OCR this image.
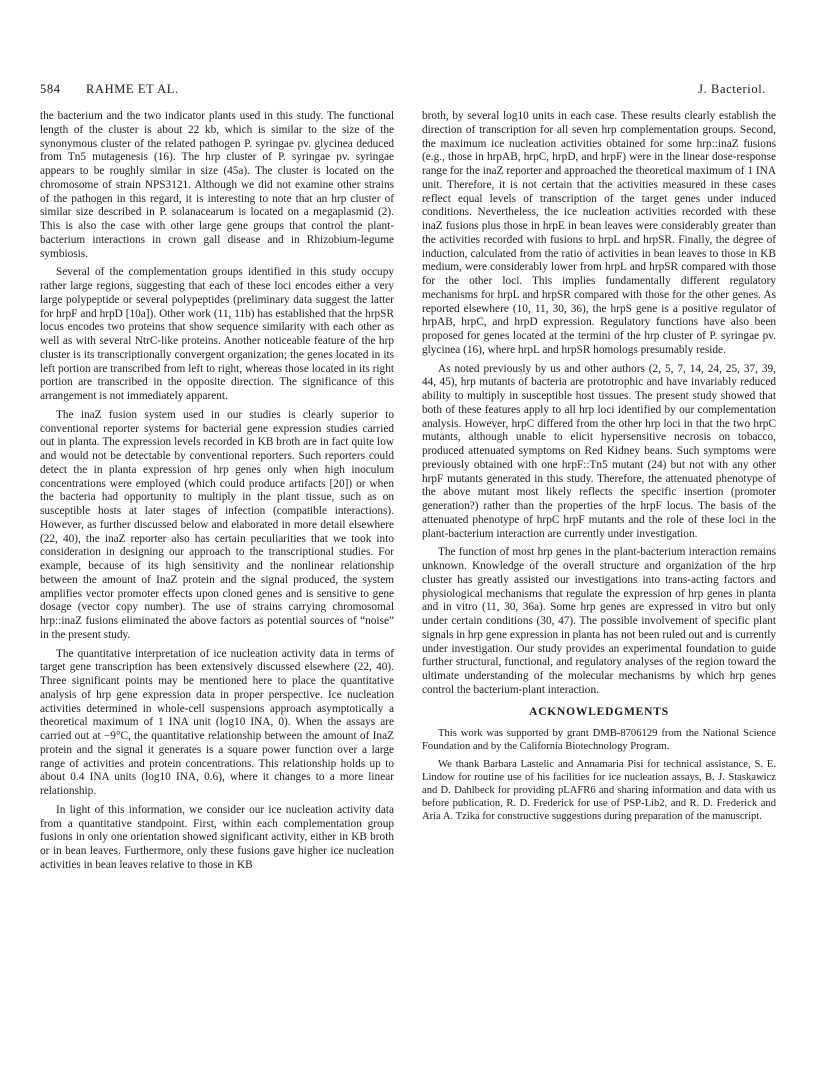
584 RAHME ET AL.	J. Bacteriol.

the bacterium and the two indicator plants used in this study. The functional length of the cluster is about 22 kb, which is similar to the size of the synonymous cluster of the related pathogen P. syringae pv. glycinea deduced from Tn5 mutagenesis (16). The hrp cluster of P. syringae pv. syringae appears to be roughly similar in size (45a). The cluster is located on the chromosome of strain NPS3121. Although we did not examine other strains of the pathogen in this regard, it is interesting to note that an hrp cluster of similar size described in P. solanacearum is located on a megaplasmid (2). This is also the case with other large gene groups that control the plant-bacterium interactions in crown gall disease and in Rhizobium-legume symbiosis.

Several of the complementation groups identified in this study occupy rather large regions, suggesting that each of these loci encodes either a very large polypeptide or several polypeptides (preliminary data suggest the latter for hrpF and hrpD [10a]). Other work (11, 11b) has established that the hrpSR locus encodes two proteins that show sequence similarity with each other as well as with several NtrC-like proteins. Another noticeable feature of the hrp cluster is its transcriptionally convergent organization; the genes located in its left portion are transcribed from left to right, whereas those located in its right portion are transcribed in the opposite direction. The significance of this arrangement is not immediately apparent.

The inaZ fusion system used in our studies is clearly superior to conventional reporter systems for bacterial gene expression studies carried out in planta. The expression levels recorded in KB broth are in fact quite low and would not be detectable by conventional reporters. Such reporters could detect the in planta expression of hrp genes only when high inoculum concentrations were employed (which could produce artifacts [20]) or when the bacteria had opportunity to multiply in the plant tissue, such as on susceptible hosts at later stages of infection (compatible interactions). However, as further discussed below and elaborated in more detail elsewhere (22, 40), the inaZ reporter also has certain peculiarities that we took into consideration in designing our approach to the transcriptional studies. For example, because of its high sensitivity and the nonlinear relationship between the amount of InaZ protein and the signal produced, the system amplifies vector promoter effects upon cloned genes and is sensitive to gene dosage (vector copy number). The use of strains carrying chromosomal hrp::inaZ fusions eliminated the above factors as potential sources of “noise” in the present study.

The quantitative interpretation of ice nucleation activity data in terms of target gene transcription has been extensively discussed elsewhere (22, 40). Three significant points may be mentioned here to place the quantitative analysis of hrp gene expression data in proper perspective. Ice nucleation activities determined in whole-cell suspensions approach asymptotically a theoretical maximum of 1 INA unit (log10 INA, 0). When the assays are carried out at −9°C, the quantitative relationship between the amount of InaZ protein and the signal it generates is a square power function over a large range of activities and protein concentrations. This relationship holds up to about 0.4 INA units (log10 INA, 0.6), where it changes to a more linear relationship.

In light of this information, we consider our ice nucleation activity data from a quantitative standpoint. First, within each complementation group fusions in only one orientation showed significant activity, either in KB broth or in bean leaves. Furthermore, only these fusions gave higher ice nucleation activities in bean leaves relative to those in KB

broth, by several log10 units in each case. These results clearly establish the direction of transcription for all seven hrp complementation groups. Second, the maximum ice nucleation activities obtained for some hrp::inaZ fusions (e.g., those in hrpAB, hrpC, hrpD, and hrpF) were in the linear dose-response range for the inaZ reporter and approached the theoretical maximum of 1 INA unit. Therefore, it is not certain that the activities measured in these cases reflect equal levels of transcription of the target genes under induced conditions. Nevertheless, the ice nucleation activities recorded with these inaZ fusions plus those in hrpE in bean leaves were considerably greater than the activities recorded with fusions to hrpL and hrpSR. Finally, the degree of induction, calculated from the ratio of activities in bean leaves to those in KB medium, were considerably lower from hrpL and hrpSR compared with those for the other loci. This implies fundamentally different regulatory mechanisms for hrpL and hrpSR compared with those for the other genes. As reported elsewhere (10, 11, 30, 36), the hrpS gene is a positive regulator of hrpAB, hrpC, and hrpD expression. Regulatory functions have also been proposed for genes located at the termini of the hrp cluster of P. syringae pv. glycinea (16), where hrpL and hrpSR homologs presumably reside.

As noted previously by us and other authors (2, 5, 7, 14, 24, 25, 37, 39, 44, 45), hrp mutants of bacteria are prototrophic and have invariably reduced ability to multiply in susceptible host tissues. The present study showed that both of these features apply to all hrp loci identified by our complementation analysis. However, hrpC differed from the other hrp loci in that the two hrpC mutants, although unable to elicit hypersensitive necrosis on tobacco, produced attenuated symptoms on Red Kidney beans. Such symptoms were previously obtained with one hrpF::Tn5 mutant (24) but not with any other hrpF mutants generated in this study. Therefore, the attenuated phenotype of the above mutant most likely reflects the specific insertion (promoter generation?) rather than the properties of the hrpF locus. The basis of the attenuated phenotype of hrpC hrpF mutants and the role of these loci in the plant-bacterium interaction are currently under investigation.

The function of most hrp genes in the plant-bacterium interaction remains unknown. Knowledge of the overall structure and organization of the hrp cluster has greatly assisted our investigations into trans-acting factors and physiological mechanisms that regulate the expression of hrp genes in planta and in vitro (11, 30, 36a). Some hrp genes are expressed in vitro but only under certain conditions (30, 47). The possible involvement of specific plant signals in hrp gene expression in planta has not been ruled out and is currently under investigation. Our study provides an experimental foundation to guide further structural, functional, and regulatory analyses of the region toward the ultimate understanding of the molecular mechanisms by which hrp genes control the bacterium-plant interaction.

ACKNOWLEDGMENTS

This work was supported by grant DMB-8706129 from the National Science Foundation and by the California Biotechnology Program.

We thank Barbara Lastelic and Annamaria Pisi for technical assistance, S. E. Lindow for routine use of his facilities for ice nucleation assays, B. J. Staskawicz and D. Dahlbeck for providing pLAFR6 and sharing information and data with us before publication, R. D. Frederick for use of PSP-Lib2, and R. D. Frederick and Aria A. Tzika for constructive suggestions during preparation of the manuscript.
